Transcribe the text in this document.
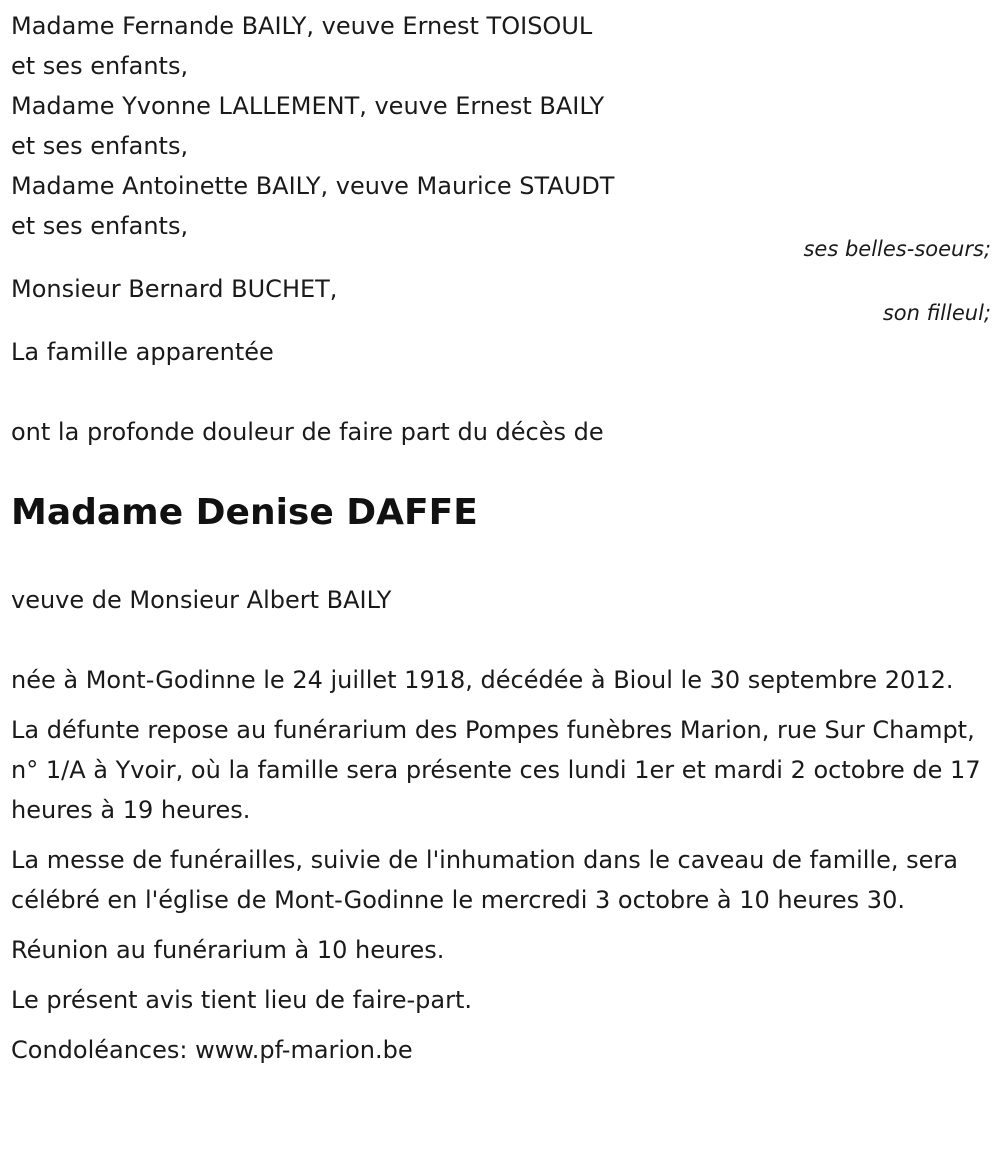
Madame Fernande BAILY, veuve Ernest TOISOUL
et ses enfants,
Madame Yvonne LALLEMENT, veuve Ernest BAILY
et ses enfants,
Madame Antoinette BAILY, veuve Maurice STAUDT
et ses enfants,
ses belles-soeurs;
Monsieur Bernard BUCHET,
son filleul;
La famille apparentée
ont la profonde douleur de faire part du décès de
Madame Denise DAFFE
veuve de Monsieur Albert BAILY
née à Mont-Godinne le 24 juillet 1918, décédée à Bioul le 30 septembre 2012.
La défunte repose au funérarium des Pompes funèbres Marion, rue Sur Champt, n° 1/A à Yvoir, où la famille sera présente ces lundi 1er et mardi 2 octobre de 17 heures à 19 heures.
La messe de funérailles, suivie de l'inhumation dans le caveau de famille, sera célébré en l'église de Mont-Godinne le mercredi 3 octobre à 10 heures 30.
Réunion au funérarium à 10 heures.
Le présent avis tient lieu de faire-part.
Condoléances: www.pf-marion.be
